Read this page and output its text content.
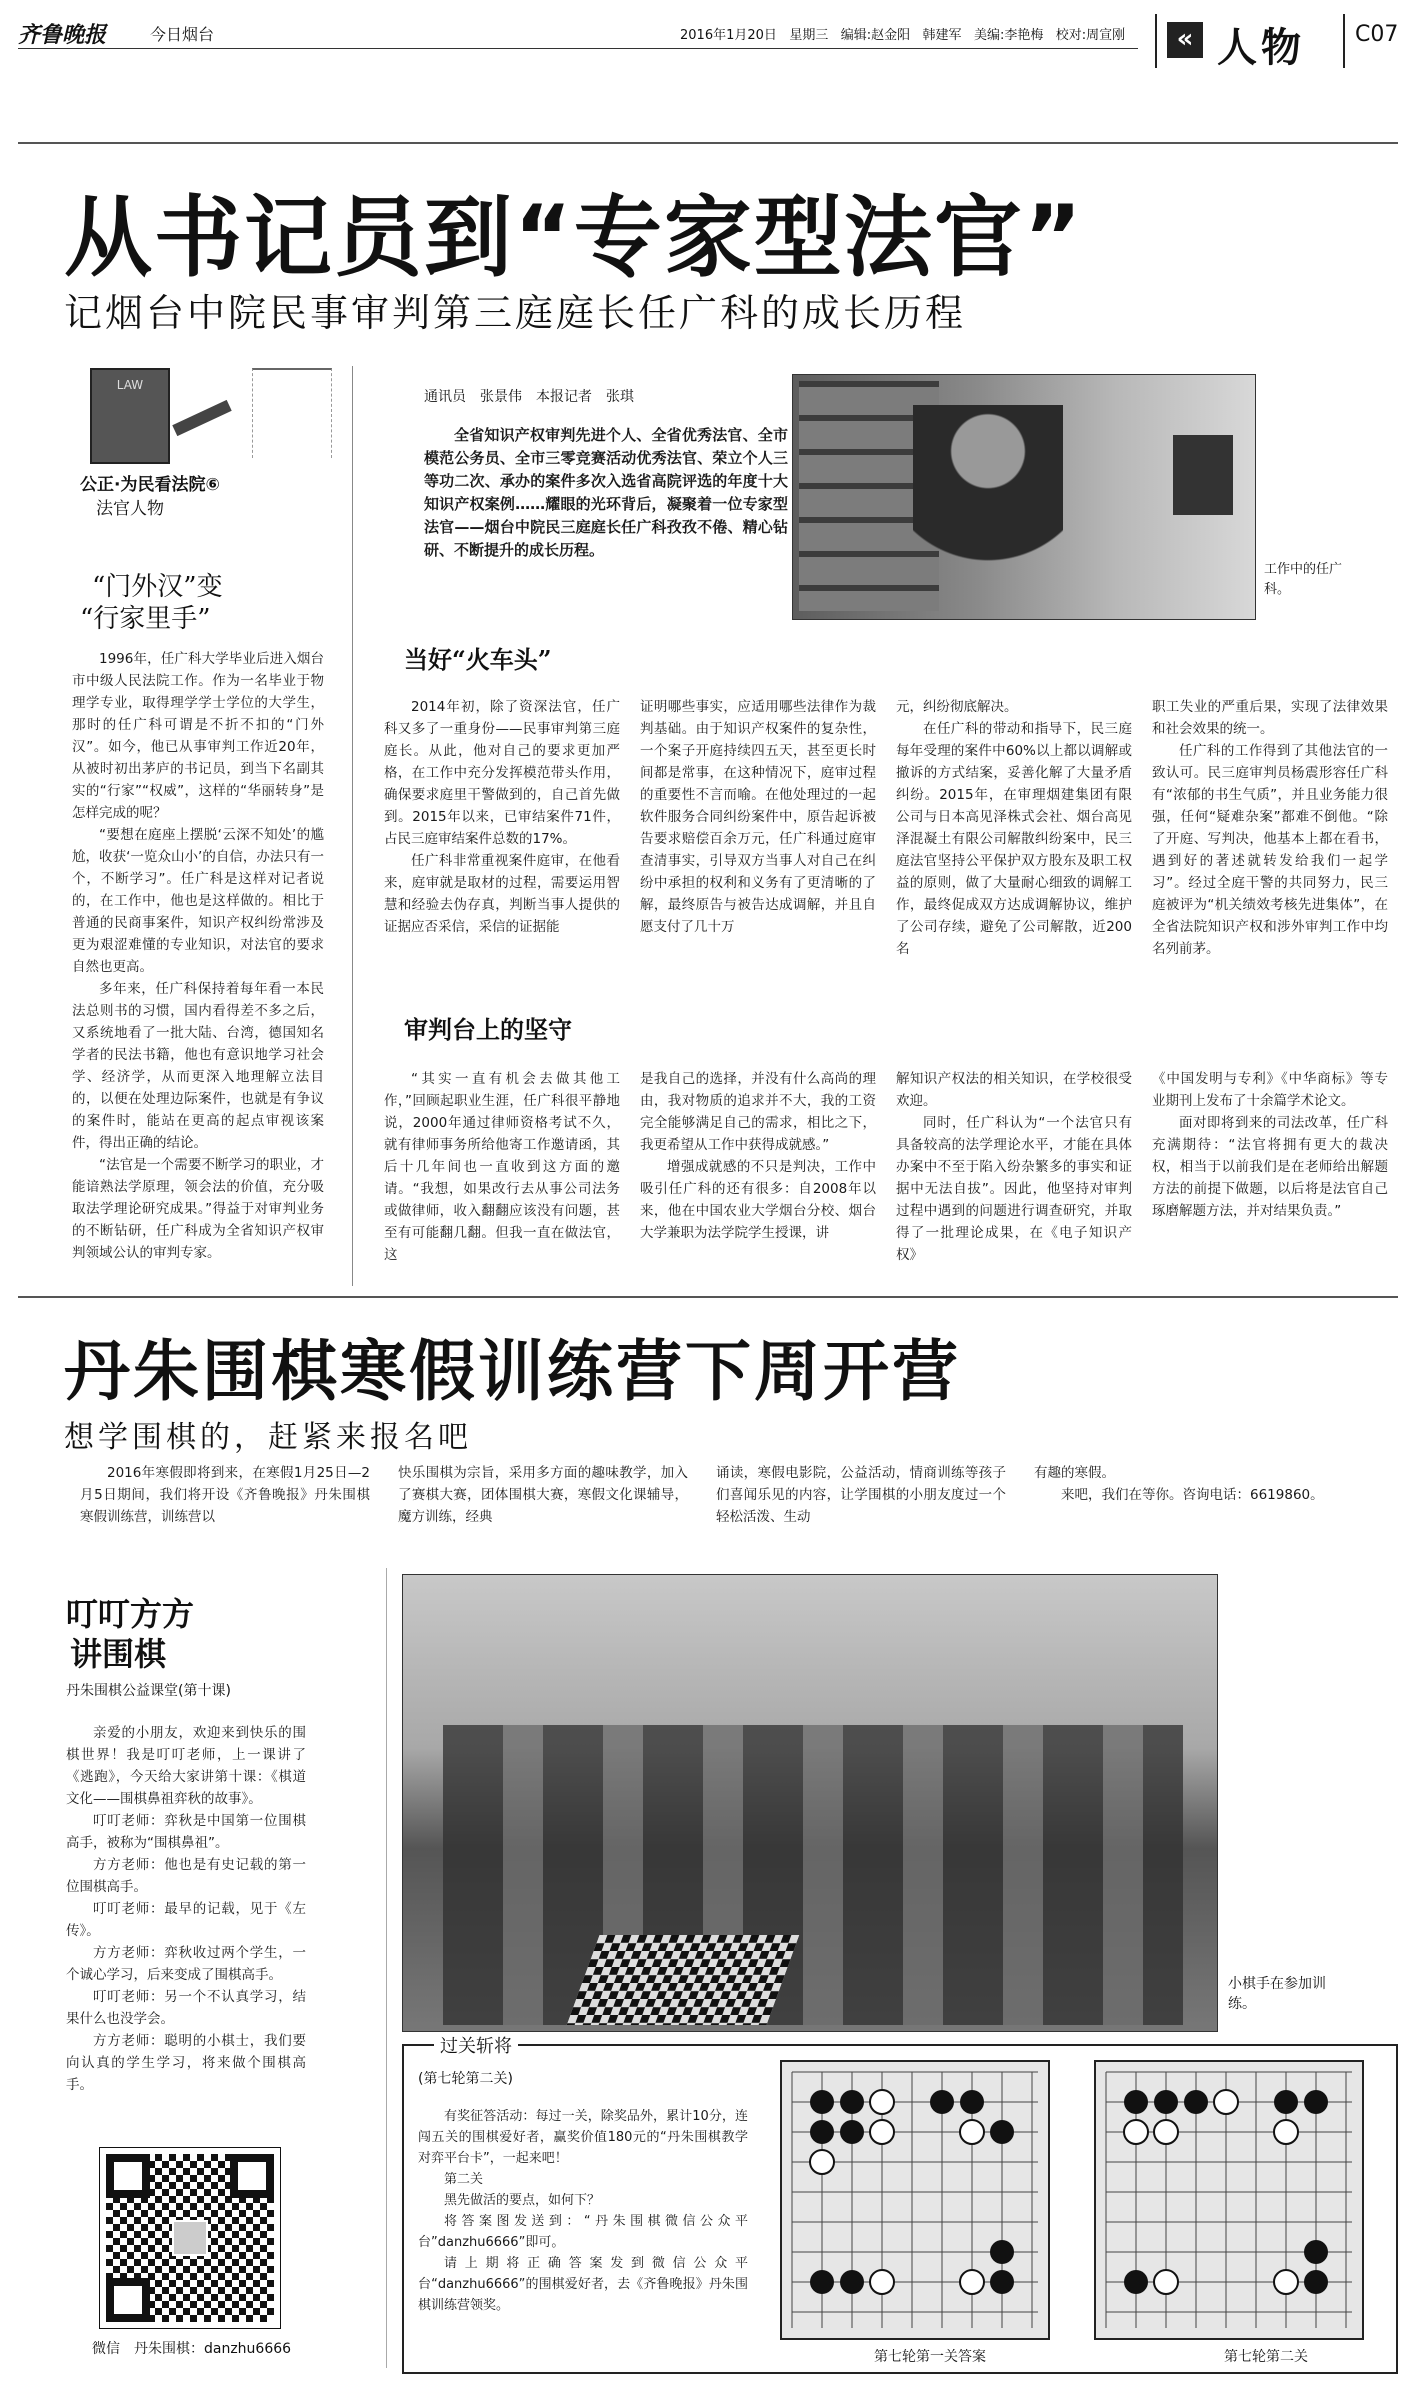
齐鲁晚报	今日烟台	2016年1月20日 星期三 编辑:赵金阳 韩建军 美编:李艳梅 校对:周宣刚	« 人物 C07
从书记员到“专家型法官”
记烟台中院民事审判第三庭庭长任广科的成长历程
LAW
公正·为民看法院⑥
法官人物
通讯员　张景伟　本报记者　张琪

全省知识产权审判先进个人、全省优秀法官、全市模范公务员、全市三零竞赛活动优秀法官、荣立个人三等功二次、承办的案件多次入选省高院评选的年度十大知识产权案例……耀眼的光环背后，凝聚着一位专家型法官——烟台中院民三庭庭长任广科孜孜不倦、精心钻研、不断提升的成长历程。

工作中的任广科。
“门外汉”变
“行家里手”

1996年，任广科大学毕业后进入烟台市中级人民法院工作。作为一名毕业于物理学专业，取得理学学士学位的大学生，那时的任广科可谓是不折不扣的“门外汉”。如今，他已从事审判工作近20年，从被时初出茅庐的书记员，到当下名副其实的“行家”“权威”，这样的“华丽转身”是怎样完成的呢？

“要想在庭座上摆脱‘云深不知处’的尴尬，收获‘一览众山小’的自信，办法只有一个，不断学习”。任广科是这样对记者说的，在工作中，他也是这样做的。相比于普通的民商事案件，知识产权纠纷常涉及更为艰涩难懂的专业知识，对法官的要求自然也更高。

多年来，任广科保持着每年看一本民法总则书的习惯，国内看得差不多之后，又系统地看了一批大陆、台湾，德国知名学者的民法书籍，他也有意识地学习社会学、经济学，从而更深入地理解立法目的，以便在处理边际案件，也就是有争议的案件时，能站在更高的起点审视该案件，得出正确的结论。

“法官是一个需要不断学习的职业，才能谙熟法学原理，领会法的价值，充分吸取法学理论研究成果。”得益于对审判业务的不断钻研，任广科成为全省知识产权审判领域公认的审判专家。

当好“火车头”

2014年初，除了资深法官，任广科又多了一重身份——民事审判第三庭庭长。从此，他对自己的要求更加严格，在工作中充分发挥模范带头作用，确保要求庭里干警做到的，自己首先做到。2015年以来，已审结案件71件，占民三庭审结案件总数的17%。

任广科非常重视案件庭审，在他看来，庭审就是取材的过程，需要运用智慧和经验去伪存真，判断当事人提供的证据应否采信，采信的证据能

证明哪些事实，应适用哪些法律作为裁判基础。由于知识产权案件的复杂性，一个案子开庭持续四五天，甚至更长时间都是常事，在这种情况下，庭审过程的重要性不言而喻。在他处理过的一起软件服务合同纠纷案件中，原告起诉被告要求赔偿百余万元，任广科通过庭审查清事实，引导双方当事人对自己在纠纷中承担的权利和义务有了更清晰的了解，最终原告与被告达成调解，并且自愿支付了几十万

元，纠纷彻底解决。

在任广科的带动和指导下，民三庭每年受理的案件中60%以上都以调解或撤诉的方式结案，妥善化解了大量矛盾纠纷。2015年，在审理烟建集团有限公司与日本高见泽株式会社、烟台高见泽混凝土有限公司解散纠纷案中，民三庭法官坚持公平保护双方股东及职工权益的原则，做了大量耐心细致的调解工作，最终促成双方达成调解协议，维护了公司存续，避免了公司解散，近200名

职工失业的严重后果，实现了法律效果和社会效果的统一。

任广科的工作得到了其他法官的一致认可。民三庭审判员杨震形容任广科有“浓郁的书生气质”，并且业务能力很强，任何“疑难杂案”都难不倒他。“除了开庭、写判决，他基本上都在看书，遇到好的著述就转发给我们一起学习”。经过全庭干警的共同努力，民三庭被评为“机关绩效考核先进集体”，在全省法院知识产权和涉外审判工作中均名列前茅。

审判台上的坚守

“其实一直有机会去做其他工作，”回顾起职业生涯，任广科很平静地说，2000年通过律师资格考试不久，就有律师事务所给他寄工作邀请函，其后十几年间也一直收到这方面的邀请。“我想，如果改行去从事公司法务或做律师，收入翻翻应该没有问题，甚至有可能翻几翻。但我一直在做法官，这

是我自己的选择，并没有什么高尚的理由，我对物质的追求并不大，我的工资完全能够满足自己的需求，相比之下，我更希望从工作中获得成就感。”

增强成就感的不只是判决，工作中吸引任广科的还有很多：自2008年以来，他在中国农业大学烟台分校、烟台大学兼职为法学院学生授课，讲

解知识产权法的相关知识，在学校很受欢迎。

同时，任广科认为“一个法官只有具备较高的法学理论水平，才能在具体办案中不至于陷入纷杂繁多的事实和证据中无法自拔”。因此，他坚持对审判过程中遇到的问题进行调查研究，并取得了一批理论成果，在《电子知识产权》

《中国发明与专利》《中华商标》等专业期刊上发布了十余篇学术论文。

面对即将到来的司法改革，任广科充满期待：“法官将拥有更大的裁决权，相当于以前我们是在老师给出解题方法的前提下做题，以后将是法官自己琢磨解题方法，并对结果负责。”

丹朱围棋寒假训练营下周开营
想学围棋的，赶紧来报名吧

2016年寒假即将到来，在寒假1月25日—2月5日期间，我们将开设《齐鲁晚报》丹朱围棋寒假训练营，训练营以

快乐围棋为宗旨，采用多方面的趣味教学，加入了赛棋大赛，团体围棋大赛，寒假文化课辅导，魔方训练，经典

诵读，寒假电影院，公益活动，情商训练等孩子们喜闻乐见的内容，让学围棋的小朋友度过一个轻松活泼、生动

有趣的寒假。

来吧，我们在等你。咨询电话：6619860。

叮叮方方
讲围棋
丹朱围棋公益课堂(第十课)

亲爱的小朋友，欢迎来到快乐的围棋世界！我是叮叮老师，上一课讲了《逃跑》，今天给大家讲第十课：《棋道文化——围棋鼻祖弈秋的故事》。

叮叮老师：弈秋是中国第一位围棋高手，被称为“围棋鼻祖”。

方方老师：他也是有史记载的第一位围棋高手。

叮叮老师：最早的记载，见于《左传》。

方方老师：弈秋收过两个学生，一个诚心学习，后来变成了围棋高手。

叮叮老师：另一个不认真学习，结果什么也没学会。

方方老师：聪明的小棋士，我们要向认真的学生学习，将来做个围棋高手。

微信　丹朱围棋：danzhu6666
小棋手在参加训练。
过关斩将
(第七轮第二关)

有奖征答活动：每过一关，除奖品外，累计10分，连闯五关的围棋爱好者，赢奖价值180元的“丹朱围棋教学对弈平台卡”，一起来吧！

第二关

黑先做活的要点，如何下？

将答案图发送到：“丹朱围棋微信公众平台”danzhu6666”即可。

请上期将正确答案发到微信公众平台“danzhu6666”的围棋爱好者，去《齐鲁晚报》丹朱围棋训练营领奖。

第七轮第一关答案	第七轮第二关
